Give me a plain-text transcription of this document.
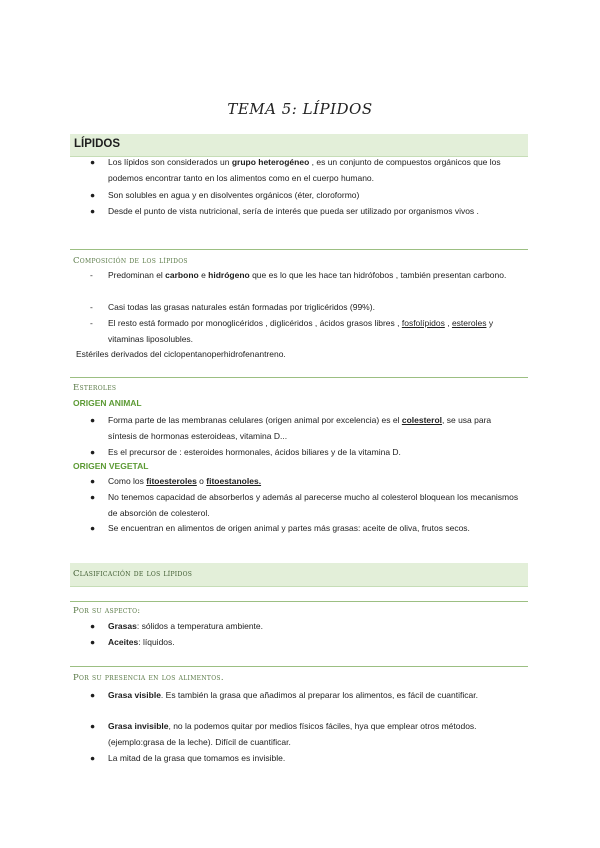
TEMA 5: LÍPIDOS
LÍPIDOS
● Los lípidos son considerados un grupo heterogéneo , es un conjunto de compuestos orgánicos que los podemos encontrar tanto en los alimentos como en el cuerpo humano.
● Son solubles en agua y en disolventes orgánicos (éter, cloroformo)
● Desde el punto de vista nutricional, sería de interés que pueda ser utilizado por organismos vivos .
Composición de los lípidos
- Predominan el carbono e hidrógeno que es lo que les hace tan hidrófobos , también presentan carbono.
- Casi todas las grasas naturales están formadas por triglicéridos (99%).
- El resto está formado por monoglicéridos , diglicéridos , ácidos grasos libres , fosfolípidos , esteroles y vitaminas liposolubles.
Estériles derivados del ciclopentanoperhidrofenantreno.
Esteroles
ORIGEN ANIMAL
● Forma parte de las membranas celulares (origen animal por excelencia) es el colesterol, se usa para síntesis de hormonas esteroideas, vitamina D...
● Es el precursor de : esteroides hormonales, ácidos biliares y de la vitamina D.
ORIGEN VEGETAL
● Como los fitoesteroles o fitoestanoles.
● No tenemos capacidad de absorberlos y además al parecerse mucho al colesterol bloquean los mecanismos de absorción de colesterol.
● Se encuentran en alimentos de origen animal y partes más grasas: aceite de oliva, frutos secos.
Clasificación de los lípidos
Por su aspecto:
● Grasas: sólidos a temperatura ambiente.
● Aceites: líquidos.
Por su presencia en los alimentos.
● Grasa visible. Es también la grasa que añadimos al preparar los alimentos, es fácil de cuantificar.
● Grasa invisible, no la podemos quitar por medios físicos fáciles, hya que emplear otros métodos. (ejemplo:grasa de la leche). Difícil de cuantificar.
● La mitad de la grasa que tomamos es invisible.
